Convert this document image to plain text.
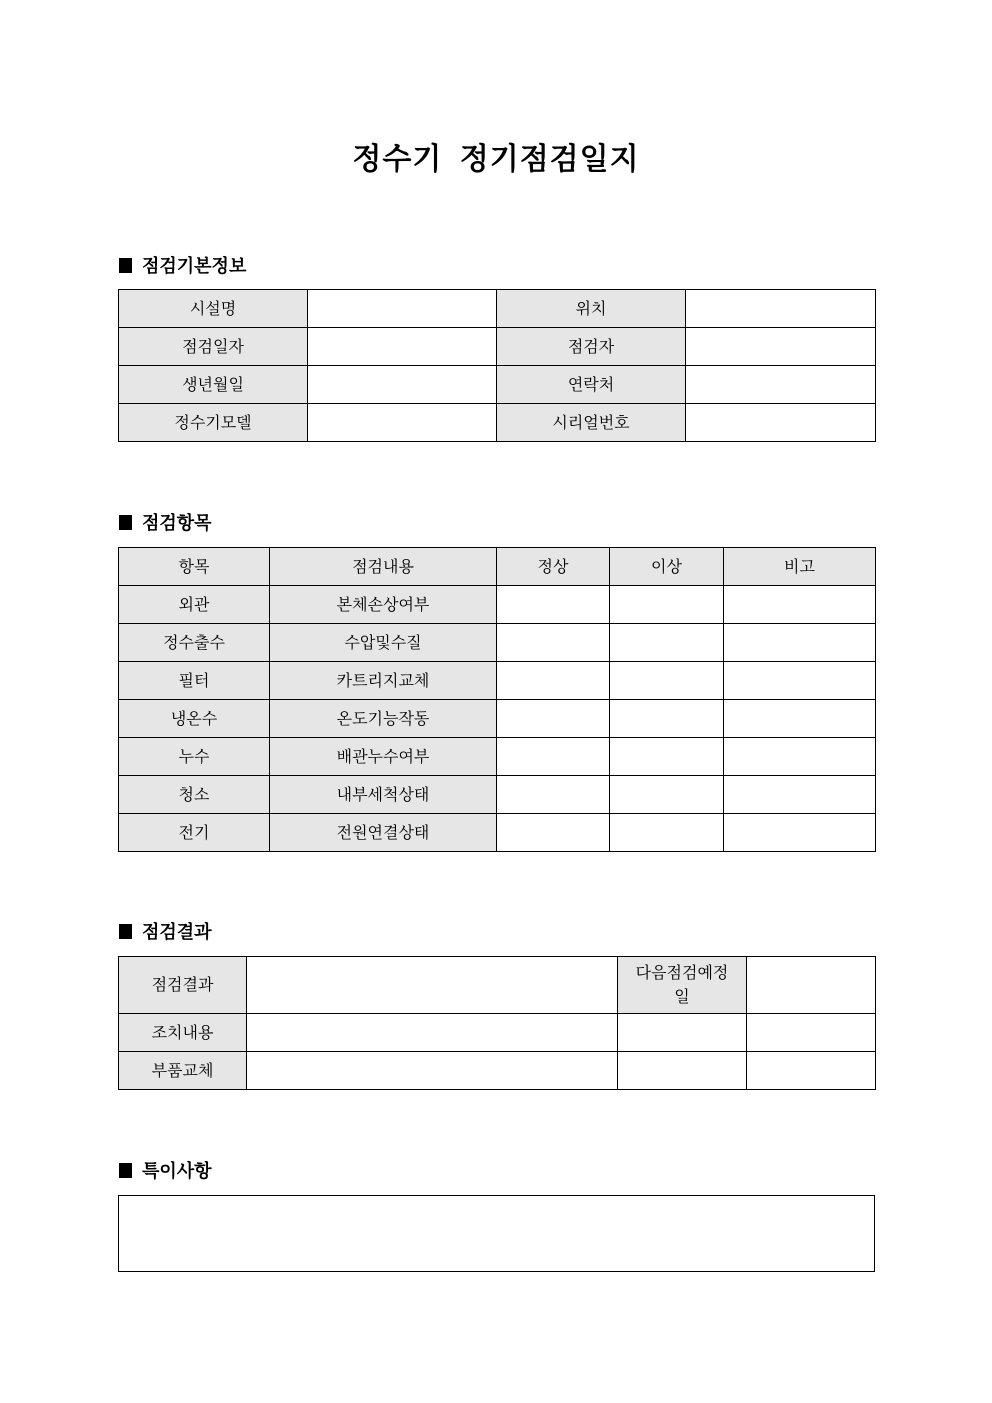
정수기 정기점검일지
점검기본정보
시설명		위치	
점검일자		점검자	
생년월일		연락처	
정수기모델		시리얼번호	
점검항목
항목	점검내용	정상	이상	비고
외관	본체손상여부			
정수출수	수압및수질			
필터	카트리지교체			
냉온수	온도기능작동			
누수	배관누수여부			
청소	내부세척상태			
전기	전원연결상태			
점검결과
점검결과		다음점검예정일	
조치내용			
부품교체			
특이사항
